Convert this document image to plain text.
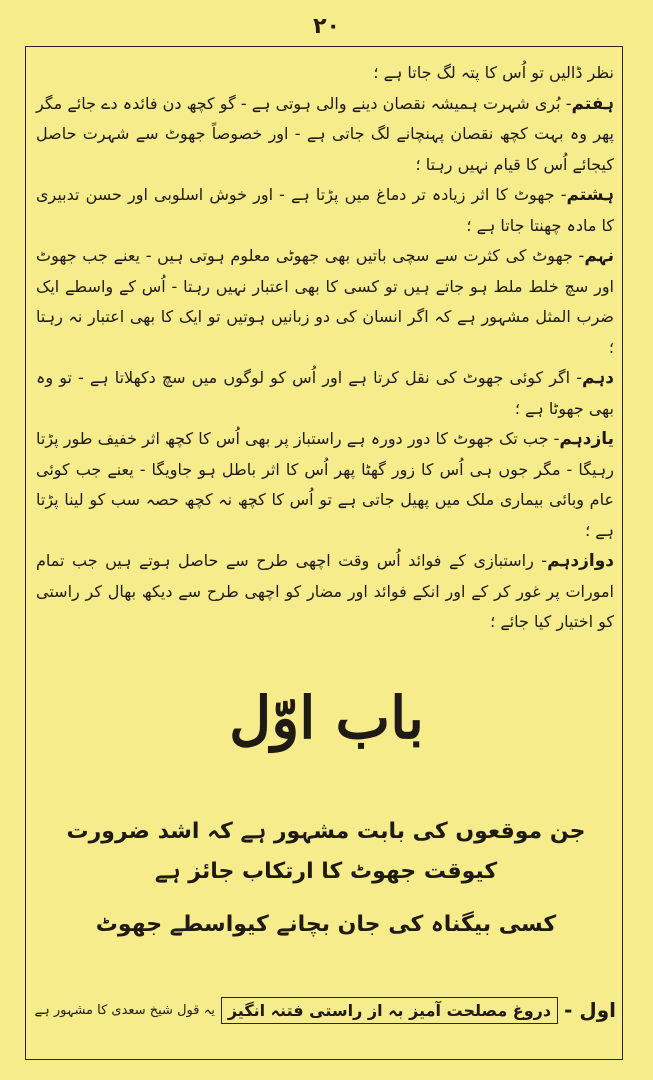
۲۰

نظر ڈالیں تو اُس کا پتہ لگ جاتا ہے ؛

ہفتم- بُری شہرت ہمیشہ نقصان دینے والی ہوتی ہے - گو کچھ دن فائدہ دے جائے مگر پھر وہ بہت کچھ نقصان پہنچانے لگ جاتی ہے - اور خصوصاً جھوٹ سے شہرت حاصل کیجائے اُس کا قیام نہیں رہتا ؛

ہشتم- جھوٹ کا اثر زیادہ تر دماغ میں پڑتا ہے - اور خوش اسلوبی اور حسن تدبیری کا مادہ چھنتا جاتا ہے ؛

نہم- جھوٹ کی کثرت سے سچی باتیں بھی جھوٹی معلوم ہوتی ہیں - یعنے جب جھوٹ اور سچ خلط ملط ہو جاتے ہیں تو کسی کا بھی اعتبار نہیں رہتا - اُس کے واسطے ایک ضرب المثل مشہور ہے کہ اگر انسان کی دو زبانیں ہوتیں تو ایک کا بھی اعتبار نہ رہتا ؛

دہم- اگر کوئی جھوٹ کی نقل کرتا ہے اور اُس کو لوگوں میں سچ دکھلاتا ہے - تو وہ بھی جھوٹا ہے ؛

یازدہم- جب تک جھوٹ کا دور دورہ ہے راستباز پر بھی اُس کا کچھ اثر خفیف طور پڑتا رہیگا - مگر جوں ہی اُس کا زور گھٹا پھر اُس کا اثر باطل ہو جاویگا - یعنے جب کوئی عام وبائی بیماری ملک میں پھیل جاتی ہے تو اُس کا کچھ نہ کچھ حصہ سب کو لینا پڑتا ہے ؛

دوازدہم- راستبازی کے فوائد اُس وقت اچھی طرح سے حاصل ہوتے ہیں جب تمام امورات پر غور کر کے اور انکے فوائد اور مضار کو اچھی طرح سے دیکھ بھال کر راستی کو اختیار کیا جائے ؛

باب اوّل
جن موقعوں کی بابت مشہور ہے کہ اشد ضرورت کیوقت جھوٹ کا ارتکاب جائز ہے
کسی بیگناہ کی جان بچانے کیواسطے جھوٹ
اول -
دروغ مصلحت آمیز بہ از راستی فتنہ انگیز
یہ قول شیخ سعدی کا مشہور ہے
